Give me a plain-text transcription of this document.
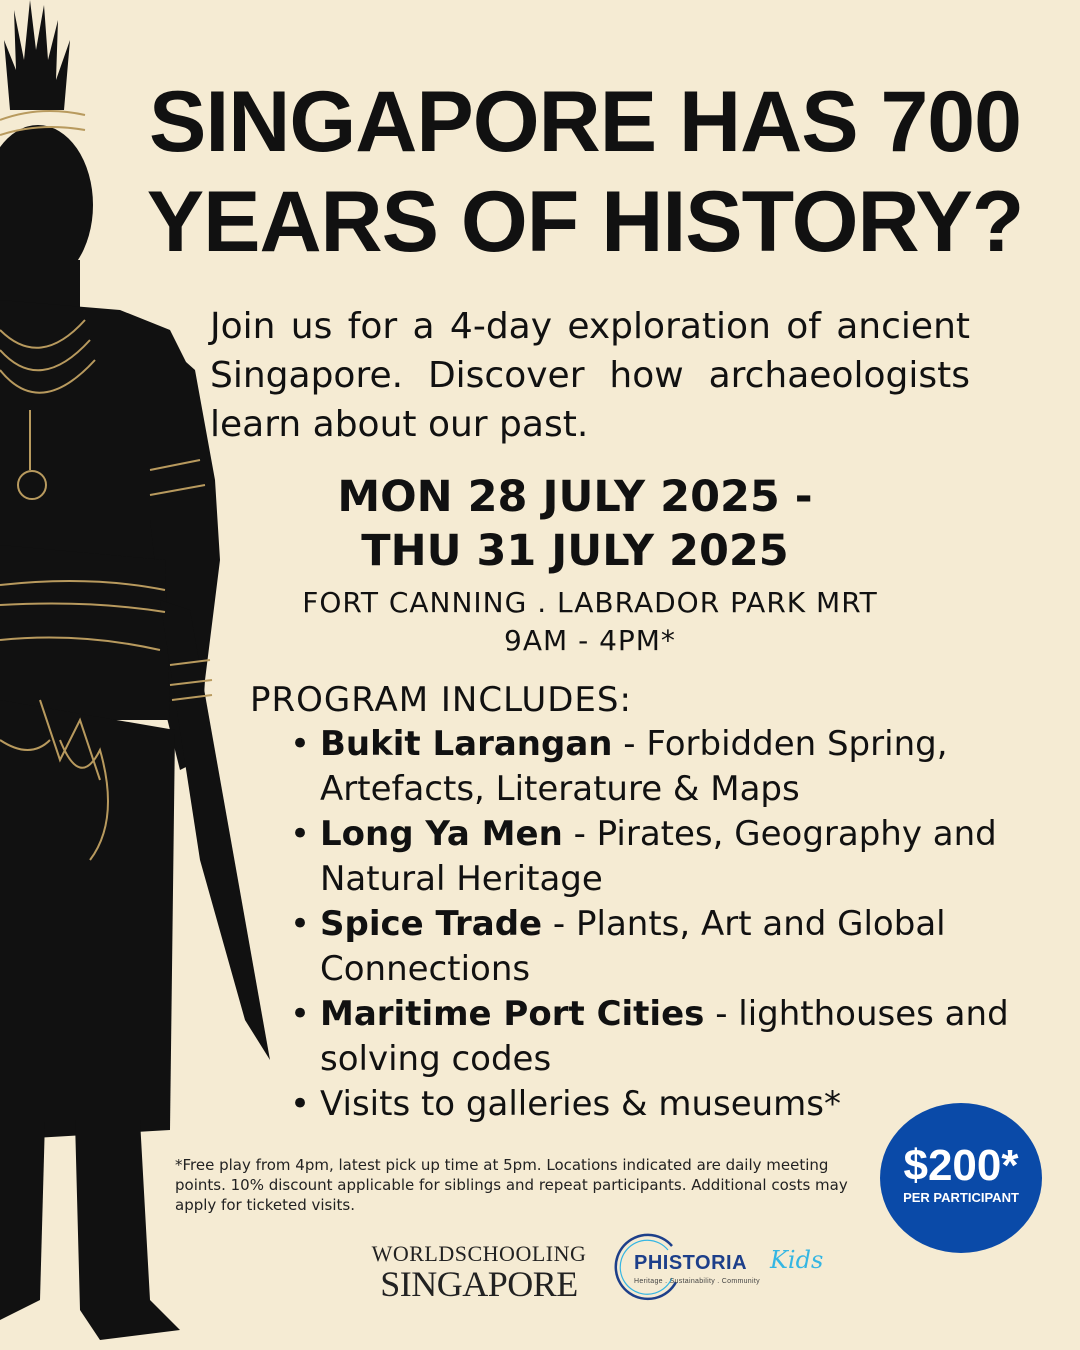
SINGAPORE HAS 700
YEARS OF HISTORY?
Join us for a 4-day exploration of ancient Singapore. Discover how archaeologists learn about our past.
MON 28 JULY 2025 -
THU 31 JULY 2025
FORT CANNING . LABRADOR PARK MRT
9AM - 4PM*
PROGRAM INCLUDES:
• Bukit Larangan - Forbidden Spring, Artefacts, Literature & Maps
• Long Ya Men - Pirates, Geography and Natural Heritage
• Spice Trade - Plants, Art and Global Connections
• Maritime Port Cities - lighthouses and solving codes
• Visits to galleries & museums*
*Free play from 4pm, latest pick up time at 5pm. Locations indicated are daily meeting points. 10% discount applicable for siblings and repeat participants. Additional costs may apply for ticketed visits.
$200*
PER PARTICIPANT
WORLDSCHOOLING
SINGAPORE
PHISTORIA Kids
Heritage . Sustainability . Community
